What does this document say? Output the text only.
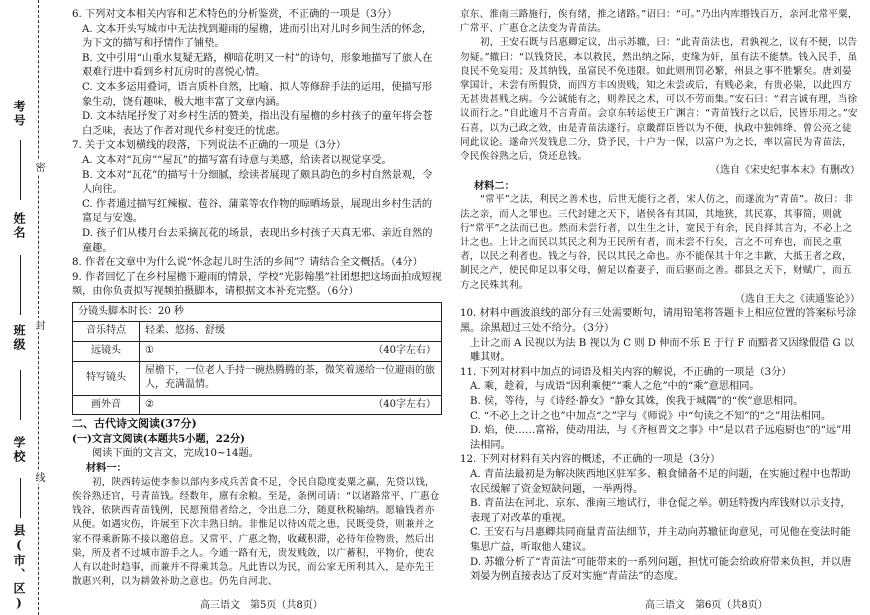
考号
姓名
班级
学校
县(市、区)
密
封
线

6. 下列对文本相关内容和艺术特色的分析鉴赏，不正确的一项是（3分）

A. 文本开头写城市中无法找到避雨的屋檐，进而引出对儿时乡间生活的怀念，为下文的描写和抒情作了铺垫。

B. 文中引用“山重水复疑无路，柳暗花明又一村”的诗句，形象地描写了旅人在艰难行进中看到乡村瓦房时的喜悦心情。

C. 文本多运用叠词，语言质朴自然，比喻、拟人等修辞手法的运用，使描写形象生动，饶有趣味，极大地丰富了文章内涵。

D. 文本结尾抒发了对乡村生活的赞美，指出没有屋檐的乡村孩子的童年将会苍白乏味，表达了作者对现代乡村变迁的忧虑。

7. 关于文本划横线的段落，下列说法不正确的一项是（3分）

A. 文本对“瓦房”“屋瓦”的描写富有诗意与美感，给读者以视觉享受。

B. 文本对“瓦花”的描写十分细腻，绘读者展现了颇具韵色的乡村自然景观，令人向往。

C. 作者通过描写红辣椒、苞谷、蒲菜等农作物的晾晒场景，展现出乡村生活的富足与安逸。

D. 孩子们从楼月台去采摘瓦花的场景，表现出乡村孩子天真无邪、亲近自然的童趣。

8. 作者在文章中为什么说“怀念起儿时生活的乡间”？请结合全文概括。（4分）

9. 作者回忆了在乡村屋檐下避雨的情景，学校“光影翰墨”社团想把这场面拍成短视频，由你负责拟写视频拍摄脚本，请根据文本补充完整。（6分）

分镜头脚本时长：20 秒	
音乐特点	轻柔、悠扬、舒缓
远镜头	① （40字左右）

特写镜头	屋檐下，一位老人手持一碗热腾腾的茶，微笑着递给一位避雨的旅人，充满温情。
画外音	② （40字左右）

二、古代诗文阅读(37分)

(一)文言文阅读(本题共5小题，22分)

阅读下面的文言文，完成10~14题。

材料一：

初，陕西转运使李参以部内多戍兵苦食不足，令民自隐度麦粟之赢，先贷以钱，俟谷熟还官，号青苗钱。经数年，廪有余粮。至是，条例司请：“以诸路常平、广惠仓钱谷，依陕西青苗钱例，民愿预借者给之，令出息二分，随夏秋税输纳。愿输钱者亦从便。如遇灾伤，许展至下次丰熟日纳。非惟足以待凶荒之患，民既受贷，则兼并之家不得乘新陈不接以邀倍息。又常平、广惠之物，收藏积滞，必待年俭物贵，然后出粜，所及者不过城市游手之人。今通一路有无，贵发贱敛，以广蓄积，平物价，使农人有以赴时趋事，而兼并不得乘其急。凡此皆以为民，而公家无所利其入，是亦先王散惠兴利，以为耕敛补助之意也。仍先自河北、

京东、淮南三路施行，俟有绪，推之诸路。”诏曰：“可。”乃出内库缗钱百万，亲河北常平粟，广常平、广惠仓之法变为青苗法。

初，王安石既与吕惠卿定议，出示苏辙，曰：“此青苗法也，君孰视之，议有不便，以告勿疑。”辙曰：“以钱贷民，本以救民，然出纳之际，吏缘为奸，虽有法不能禁。钱入民手，虽良民不免妄用；及其纳钱，虽富民不免违限。如此则刑罚必繁，州县之事不胜繁矣。唐刘晏掌国计，未尝有所假贷，而四方丰凶贵贱，知之未尝或后，有贱必籴，有贵必粜，以此四方无甚贵甚贱之病。今公诚能有之，则养民之术，可以不劳而集。”安石曰：“君言诚有理，当徐议而行之。”自此逾月不言青苗。会京东转运使王广渊言：“青苗钱行之以后，民皆乐用之。”安石喜，以为己政之效，由是青苗法遂行。京畿群臣皆以为不便，执政中独韩绛、曾公亮之徒同此议论。遂命兴发钱息二分，贷予民，十户为一保，以富户为之长，率以富民为青苗法，令民俟谷熟之后，贷还息钱。

（选自《宋史纪事本末》有删改）

材料二：

“常平”之法，利民之善术也，后世无能行之者，宋人仿之，而遂流为“青苗”。故曰：非法之亲，而人之罪也。三代封建之天下，诸侯各有其国，其地狭，其民寡，其事简，则就行“常平”之法而已也。然而未尝行者，以生生之计，宽民于有余，民自择其言为，不必上之计之也。上计之而民以其民之利为王民所有者，而未尝不行矣，言之不可弃也，而民之重者，以民之利者也。钱之与谷，民以其民之命也。亦不能保其十年之丰歉，大抵王者之政，制民之产，使民仰足以事父母，俯足以畜妻子，而后驱而之善。郡县之天下，财赋广，而五方之民殊其利。

（选自王夫之《读通鉴论》）

10. 材料中画波浪线的部分有三处需要断句，请用铅笔将答题卡上相应位置的答案标号涂黑。涂黑超过三处不给分。（3分）

上计之而 A 民视以为法 B 视以为 C 则 D 伸而不乐 E 于行 F 而黯者又因缘假借 G 以雕其财。

11. 下列对材料中加点的词语及相关内容的解说，不正确的一项是（3分）

A. 乘，趁着，与成语“因利乘便”“乘人之危”中的“乘”意思相同。

B. 侯，等待，与《诗经·静女》“静女其姝，俟我于城隅”的“俟”意思相同。

C. “不必上之计之也”中加点“之”字与《师说》中“句读之不知”的“之”用法相同。

D. 焰，使……富裕，使动用法，与《齐桓晋文之事》中“是以君子远庖厨也”的“远”用法相同。

12. 下列对材料有关内容的概述，不正确的一项是（3分）

A. 青苗法最初是为解决陕西地区驻军多、粮食储备不足的问题，在实施过程中也帮助农民缓解了资金短缺问题，一举两得。

B. 青苗法在河北、京东、淮南三地试行，非仓促之举。朝廷特拨内库钱财以示支持，表现了对改革的重视。

C. 王安石与吕惠卿共同商量青苗法细节，并主动向苏辙征询意见，可见他在变法时能集思广益，听取他人建议。

D. 苏辙分析了“青苗法”可能带来的一系列问题，担忧可能会给政府带来负担，并以唐刘晏为例直接表达了反对实施“青苗法”的态度。

高三语文　第5页（共8页）	高三语文　第6页（共8页）
